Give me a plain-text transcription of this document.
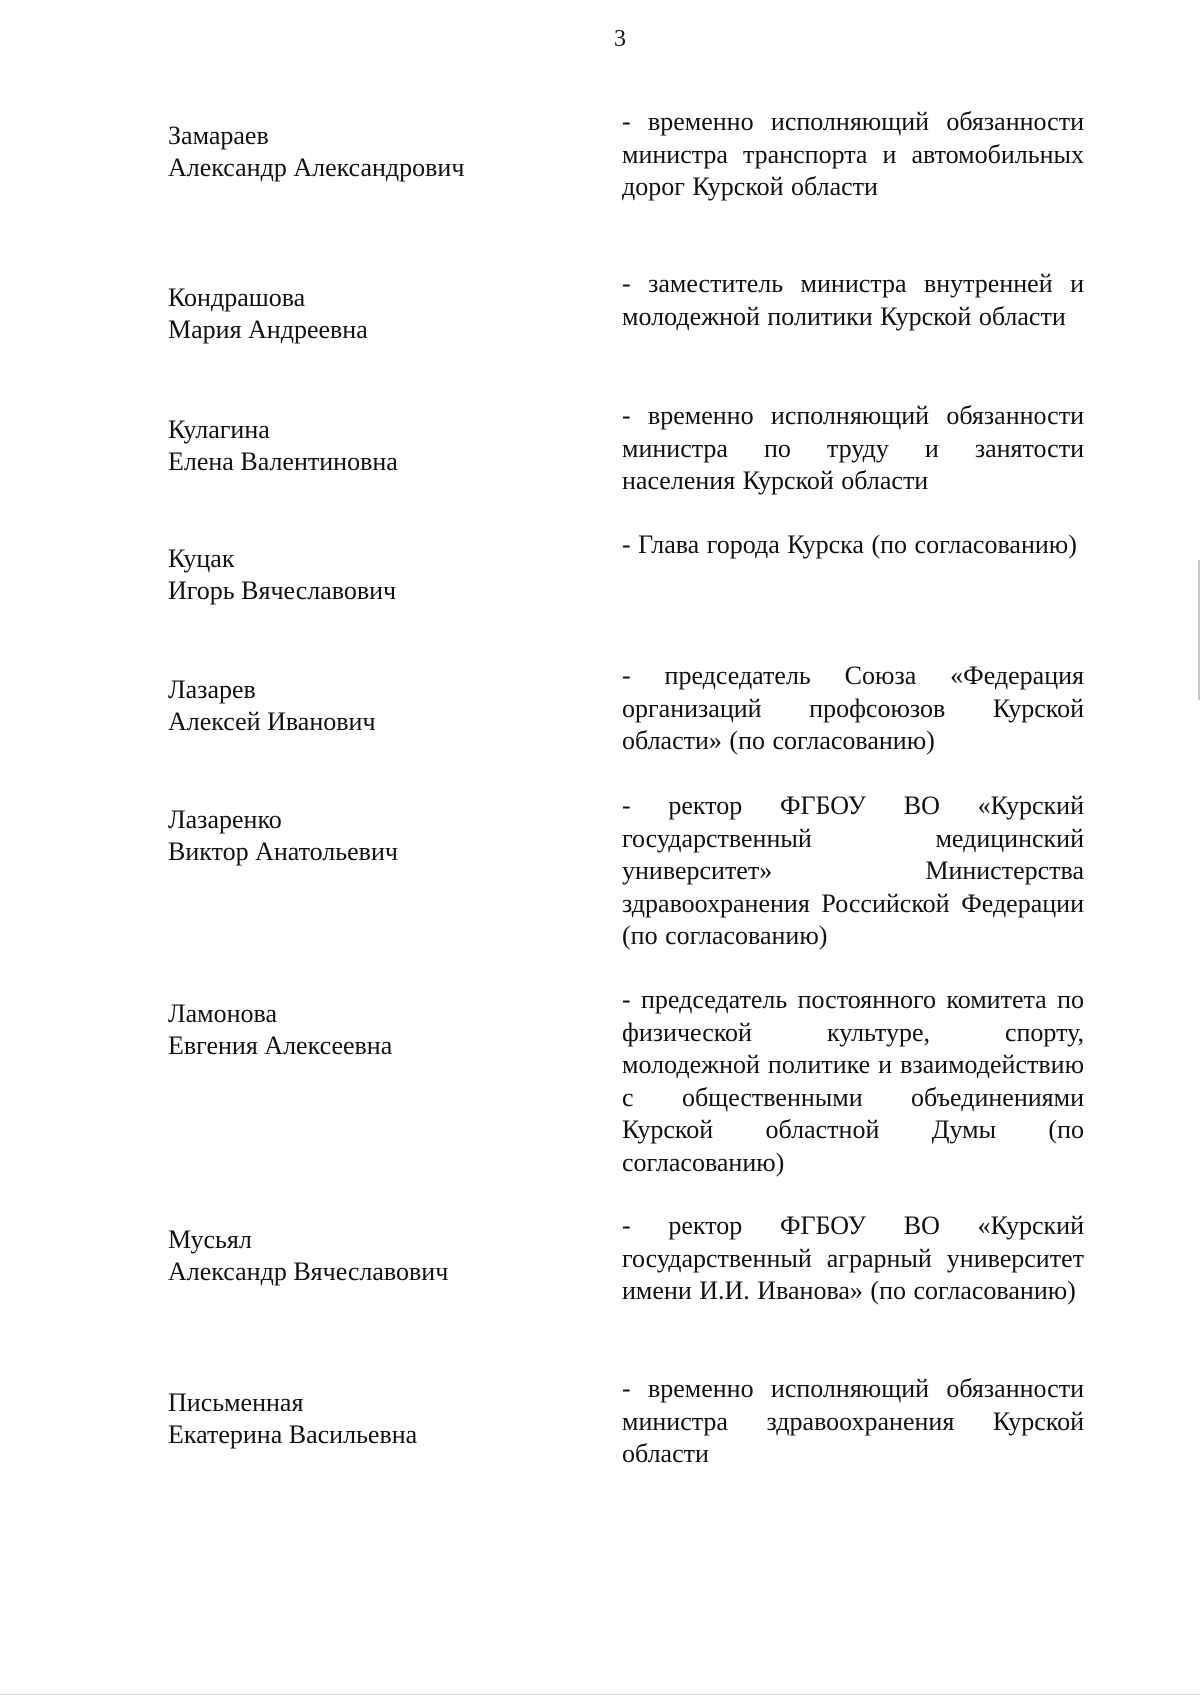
3
Замараев
Александр Александрович
- временно исполняющий обязанности министра транспорта и автомобильных дорог Курской области
Кондрашова
Мария Андреевна
- заместитель министра внутренней и молодежной политики Курской области
Кулагина
Елена Валентиновна
- временно исполняющий обязанности министра по труду и занятости населения Курской области
Куцак
Игорь Вячеславович
- Глава города Курска (по согласованию)
Лазарев
Алексей Иванович
- председатель Союза «Федерация организаций профсоюзов Курской области» (по согласованию)
Лазаренко
Виктор Анатольевич
- ректор ФГБОУ ВО «Курский государственный медицинский университет» Министерства здравоохранения Российской Федерации (по согласованию)
Ламонова
Евгения Алексеевна
- председатель постоянного комитета по физической культуре, спорту, молодежной политике и взаимодействию с общественными объединениями Курской областной Думы (по согласованию)
Мусьял
Александр Вячеславович
- ректор ФГБОУ ВО «Курский государственный аграрный университет имени И.И. Иванова» (по согласованию)
Письменная
Екатерина Васильевна
- временно исполняющий обязанности министра здравоохранения Курской области
